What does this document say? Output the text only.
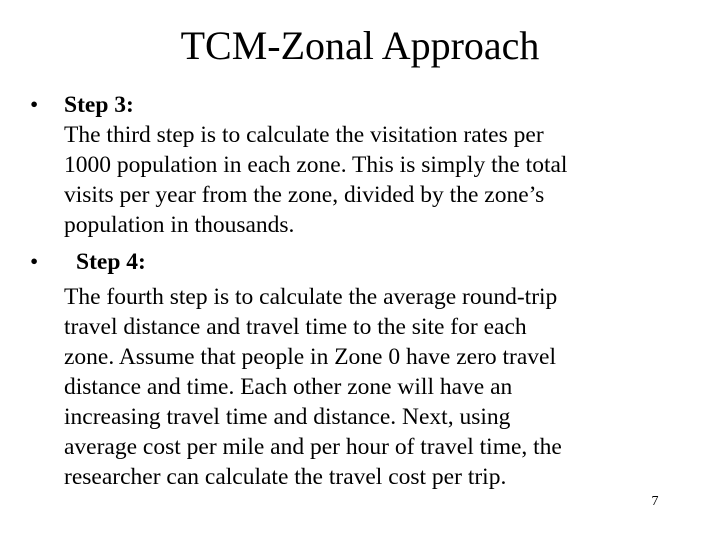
TCM-Zonal Approach
• Step 3:
The third step is to calculate the visitation rates per
1000 population in each zone. This is simply the total
visits per year from the zone, divided by the zone’s
population in thousands.
• Step 4:
The fourth step is to calculate the average round-trip
travel distance and travel time to the site for each
zone. Assume that people in Zone 0 have zero travel
distance and time. Each other zone will have an
increasing travel time and distance. Next, using
average cost per mile and per hour of travel time, the
researcher can calculate the travel cost per trip.
7
